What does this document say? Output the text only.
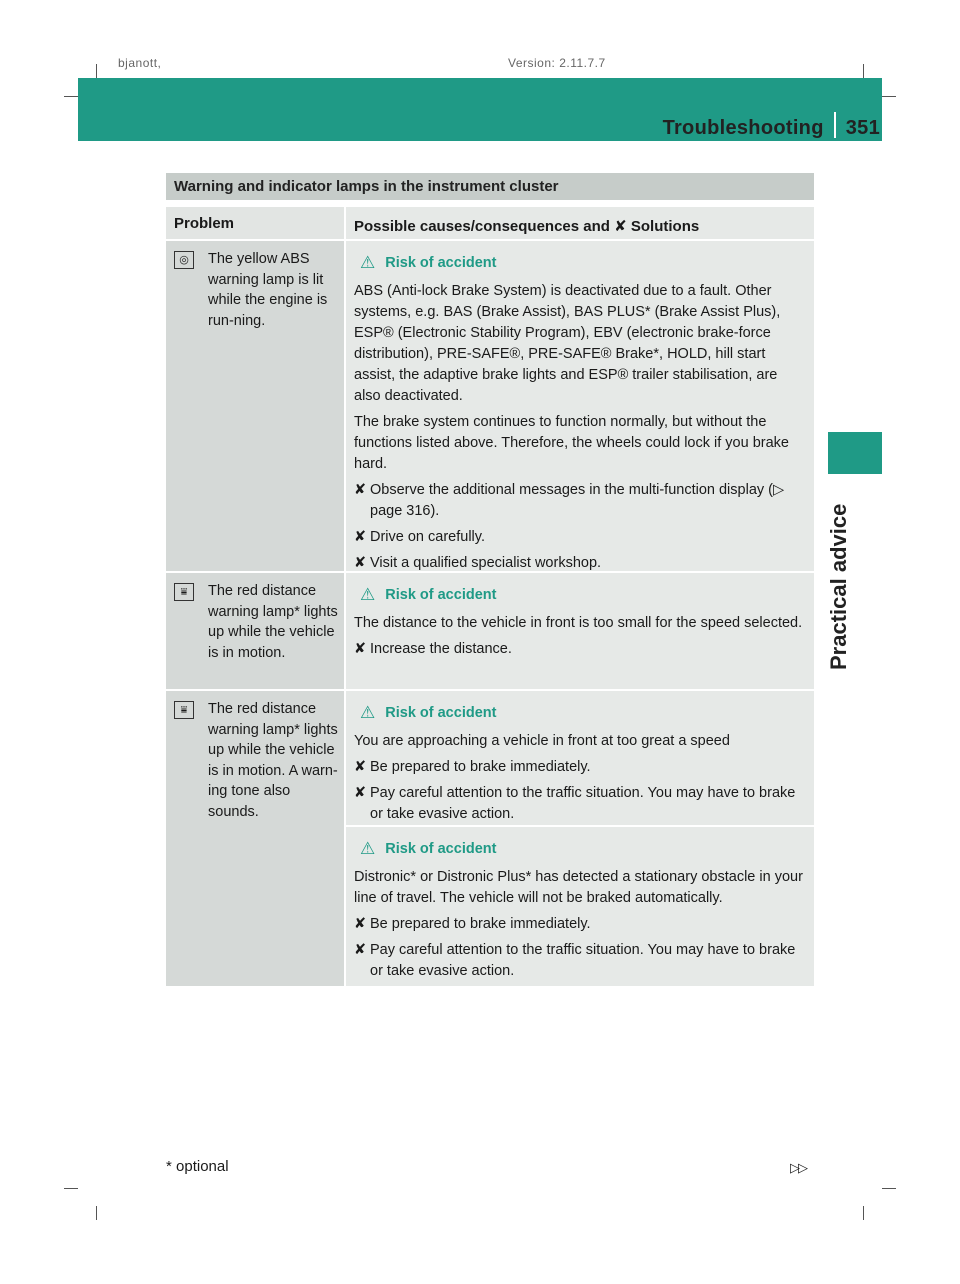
bjanott,	Version: 2.11.7.7
Troubleshooting 351
Practical advice
Warning and indicator lamps in the instrument cluster
Problem	Possible causes/consequences and ✘ Solutions
◎	The yellow ABS warning lamp is lit while the engine is run-ning.
⚠ Risk of accident

ABS (Anti-lock Brake System) is deactivated due to a fault. Other systems, e.g. BAS (Brake Assist), BAS PLUS* (Brake Assist Plus), ESP® (Electronic Stability Program), EBV (electronic brake-force distribution), PRE-SAFE®, PRE-SAFE® Brake*, HOLD, hill start assist, the adaptive brake lights and ESP® trailer stabilisation, are also deactivated.

The brake system continues to function normally, but without the functions listed above. Therefore, the wheels could lock if you brake hard.

✘ Observe the additional messages in the multi-function display (▷ page 316).
✘ Drive on carefully.
✘ Visit a qualified specialist workshop.
⩸	The red distance warning lamp* lights up while the vehicle is in motion.
⚠ Risk of accident

The distance to the vehicle in front is too small for the speed selected.

✘ Increase the distance.
⩸	The red distance warning lamp* lights up while the vehicle is in motion. A warn-ing tone also sounds.
⚠ Risk of accident

You are approaching a vehicle in front at too great a speed

✘ Be prepared to brake immediately.
✘ Pay careful attention to the traffic situation. You may have to brake or take evasive action.
⚠ Risk of accident

Distronic* or Distronic Plus* has detected a stationary obstacle in your line of travel. The vehicle will not be braked automatically.

✘ Be prepared to brake immediately.
✘ Pay careful attention to the traffic situation. You may have to brake or take evasive action.
* optional	▷▷
